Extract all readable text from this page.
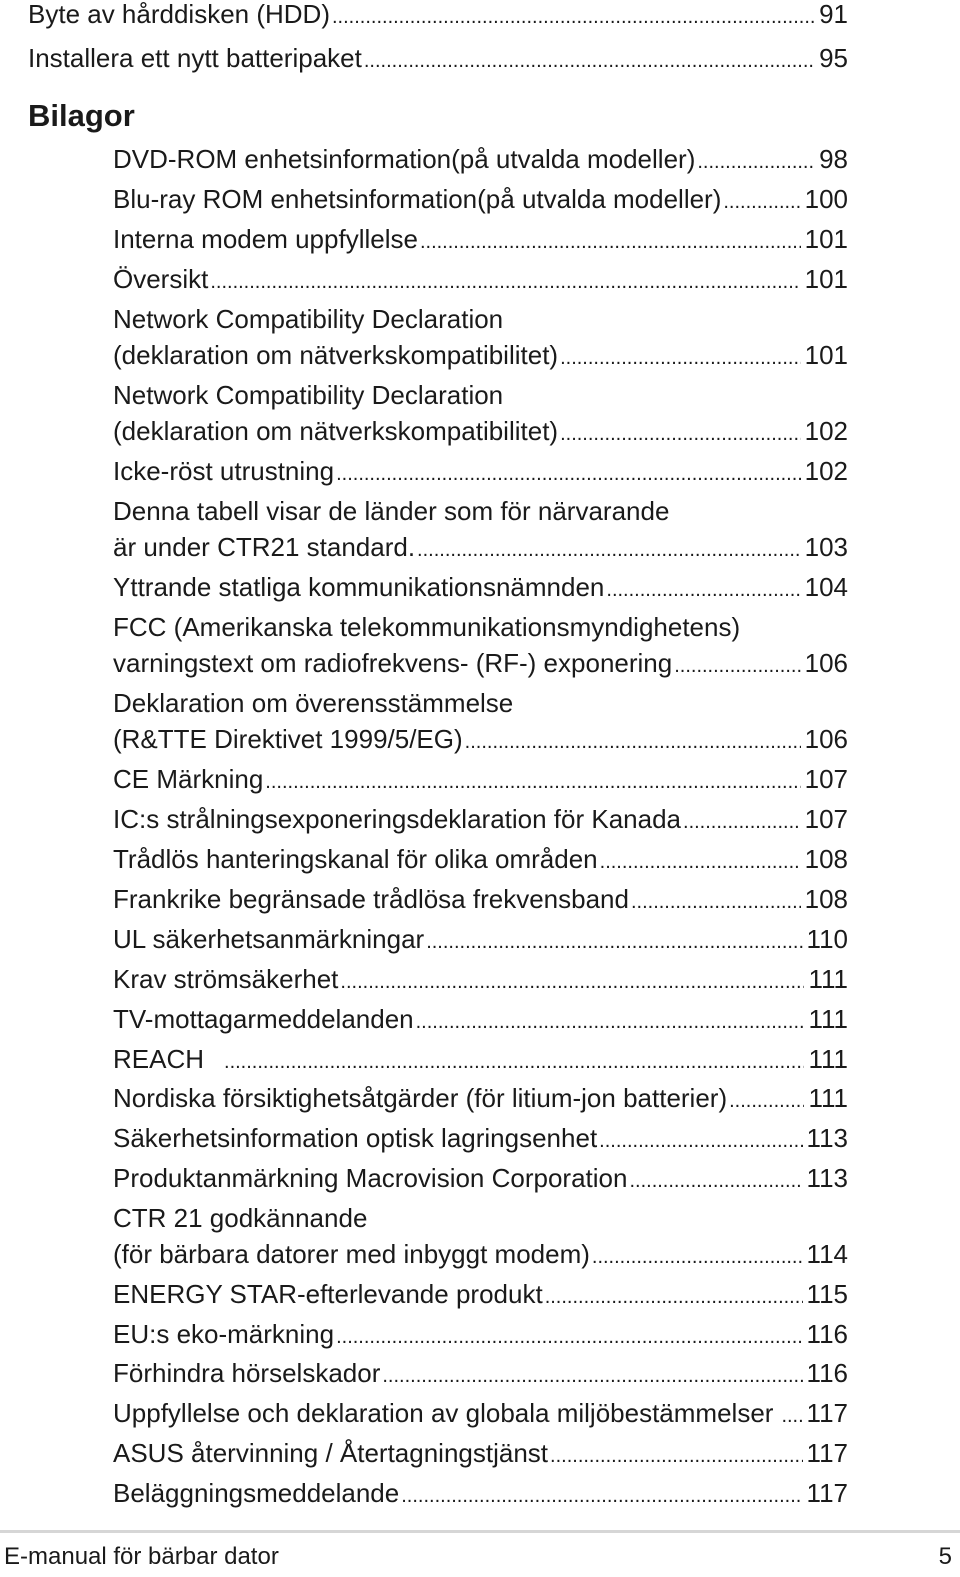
Byte av hårddisken (HDD) .....	91
Installera ett nytt batteripaket .....	95
Bilagor
DVD-ROM enhetsinformation(på utvalda modeller) .....	98
Blu-ray ROM enhetsinformation(på utvalda modeller) .....	100
Interna modem uppfyllelse .....	101
Översikt .....	101
Network Compatibility Declaration
(deklaration om nätverkskompatibilitet) .....	101
Network Compatibility Declaration
(deklaration om nätverkskompatibilitet) .....	102
Icke-röst utrustning .....	102
Denna tabell visar de länder som för närvarande
är under CTR21 standard. .....	103
Yttrande statliga kommunikationsnämnden .....	104
FCC (Amerikanska telekommunikationsmyndighetens)
varningstext om radiofrekvens- (RF-) exponering .....	106
Deklaration om överensstämmelse
(R&TTE Direktivet 1999/5/EG) .....	106
CE Märkning .....	107
IC:s strålningsexponeringsdeklaration för Kanada .....	107
Trådlös hanteringskanal för olika områden .....	108
Frankrike begränsade trådlösa frekvensband .....	108
UL säkerhetsanmärkningar .....	110
Krav strömsäkerhet .....	111
TV-mottagarmeddelanden .....	111
REACH .....	111
Nordiska försiktighetsåtgärder (för litium-jon batterier) .....	111
Säkerhetsinformation optisk lagringsenhet .....	113
Produktanmärkning Macrovision Corporation .....	113
CTR 21 godkännande
(för bärbara datorer med inbyggt modem) .....	114
ENERGY STAR-efterlevande produkt .....	115
EU:s eko-märkning .....	116
Förhindra hörselskador .....	116
Uppfyllelse och deklaration av globala miljöbestämmelser .....	117
ASUS återvinning / Återtagningstjänst .....	117
Beläggningsmeddelande .....	117
E-manual för bärbar dator	5
